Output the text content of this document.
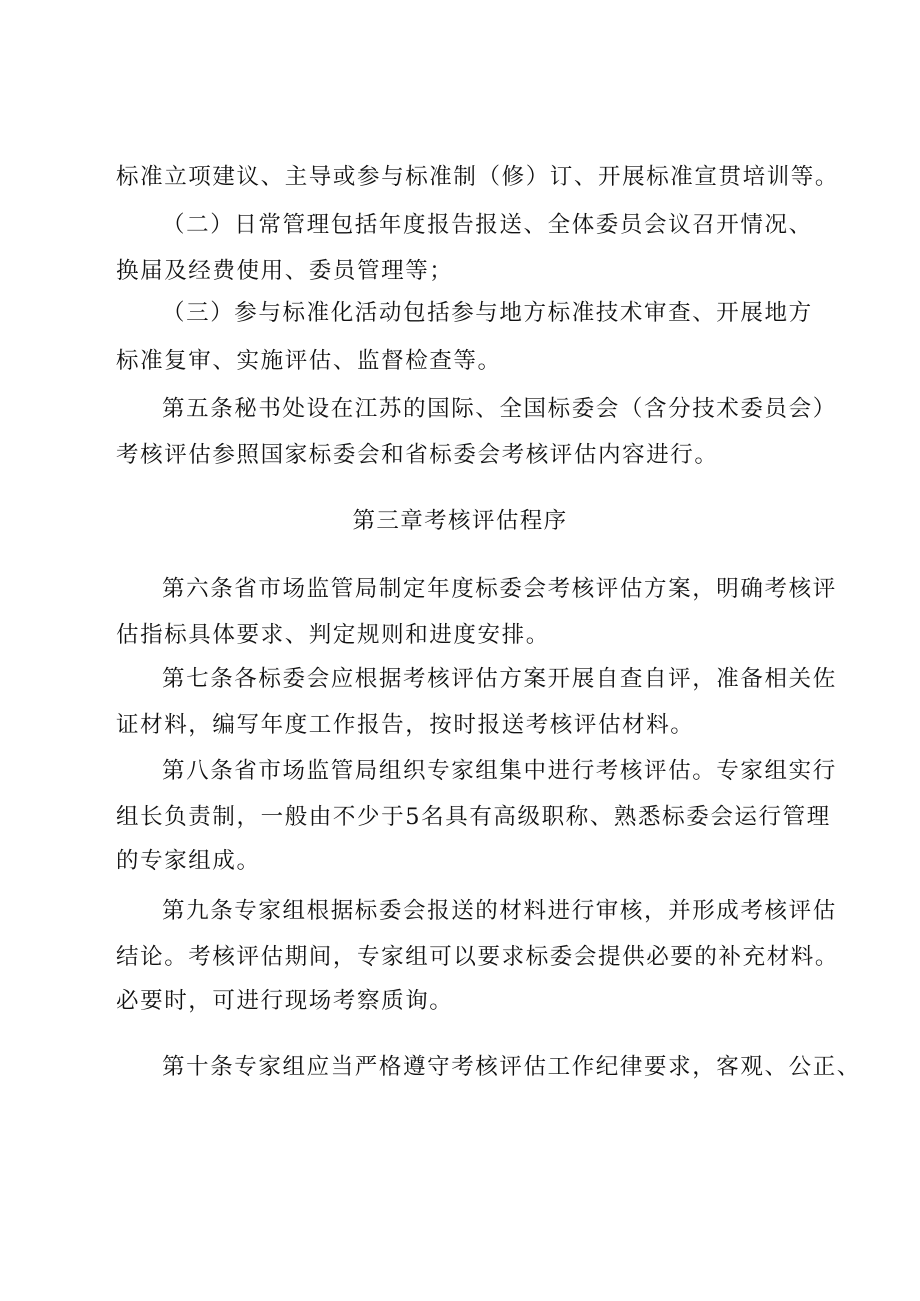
标准立项建议、主导或参与标准制（修）订、开展标准宣贯培训等。
（二）日常管理包括年度报告报送、全体委员会议召开情况、
换届及经费使用、委员管理等；
（三）参与标准化活动包括参与地方标准技术审查、开展地方
标准复审、实施评估、监督检查等。
第五条秘书处设在江苏的国际、全国标委会（含分技术委员会）
考核评估参照国家标委会和省标委会考核评估内容进行。
第三章考核评估程序
第六条省市场监管局制定年度标委会考核评估方案，明确考核评
估指标具体要求、判定规则和进度安排。
第七条各标委会应根据考核评估方案开展自查自评，准备相关佐
证材料，编写年度工作报告，按时报送考核评估材料。
第八条省市场监管局组织专家组集中进行考核评估。专家组实行
组长负责制，一般由不少于5名具有高级职称、熟悉标委会运行管理
的专家组成。
第九条专家组根据标委会报送的材料进行审核，并形成考核评估
结论。考核评估期间，专家组可以要求标委会提供必要的补充材料。
必要时，可进行现场考察质询。
第十条专家组应当严格遵守考核评估工作纪律要求，客观、公正、
